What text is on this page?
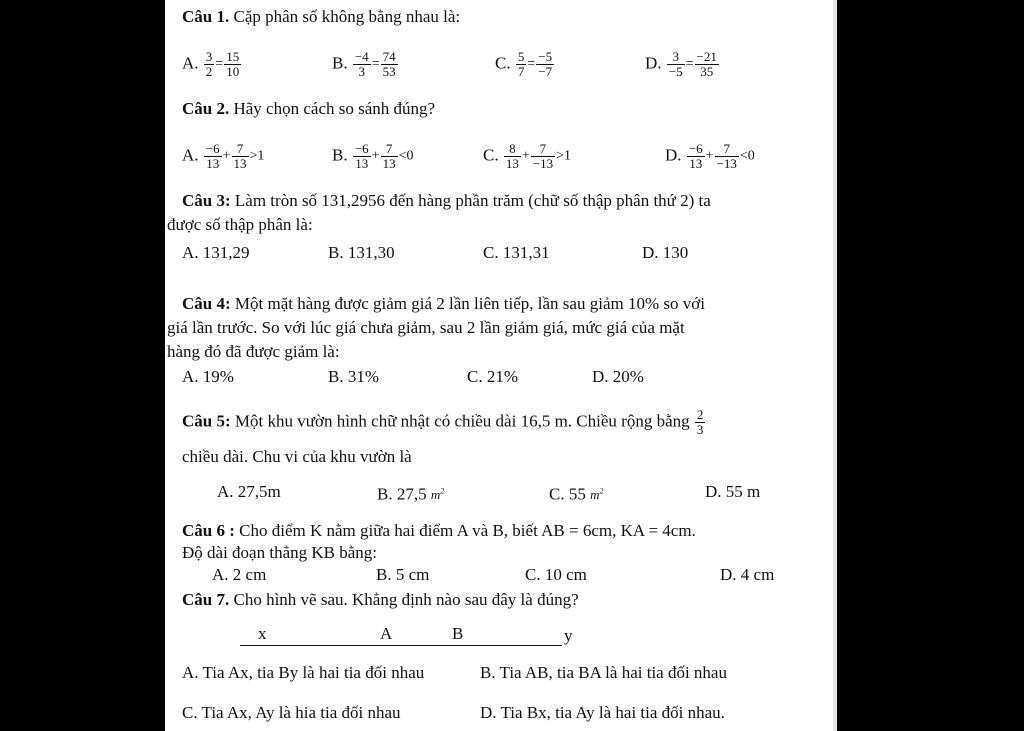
Câu 1. Cặp phân số không bằng nhau là:
A. $\frac{3}{2} = \frac{15}{10}$	B. $\frac{-4}{3} = \frac{74}{53}$	C. $\frac{5}{7} = \frac{-5}{-7}$	D. $\frac{3}{-5} = \frac{-21}{35}$
Câu 2. Hãy chọn cách so sánh đúng?
A. $\frac{-6}{13} + \frac{7}{13} >1$	B. $\frac{-6}{13} + \frac{7}{13} <0$	C. $\frac{8}{13} + \frac{7}{-13} >1$	D. $\frac{-6}{13} + \frac{7}{-13} <0$
Câu 3: Làm tròn số 131,2956 đến hàng phần trăm (chữ số thập phân thứ 2) ta
được số thập phân là:
A. 131,29	B. 131,30	C. 131,31	D. 130
Câu 4: Một mặt hàng được giảm giá 2 lần liên tiếp, lần sau giảm 10% so với
giá lần trước. So với lúc giá chưa giảm, sau 2 lần giảm giá, mức giá của mặt
hàng đó đã được giảm là:
A. 19%	B. 31%	C. 21%	D. 20%
Câu 5: Một khu vườn hình chữ nhật có chiều dài 16,5 m. Chiều rộng bằng $\frac{2}{3}$
chiều dài. Chu vi của khu vườn là
A. 27,5m	B. 27,5 $m^2$	C. 55 $m^2$	D. 55 m
Câu 6 : Cho điểm K nằm giữa hai điểm A và B, biết AB = 6cm, KA = 4cm.
Độ dài đoạn thẳng KB bằng:
A. 2 cm	B. 5 cm	C. 10 cm	D. 4 cm
Câu 7. Cho hình vẽ sau. Khẳng định nào sau đây là đúng?
x	A	B	y
A. Tia Ax, tia By là hai tia đối nhau	B. Tia AB, tia BA là hai tia đối nhau
C. Tia Ax, Ay là hia tia đối nhau	D. Tia Bx, tia Ay là hai tia đối nhau.
